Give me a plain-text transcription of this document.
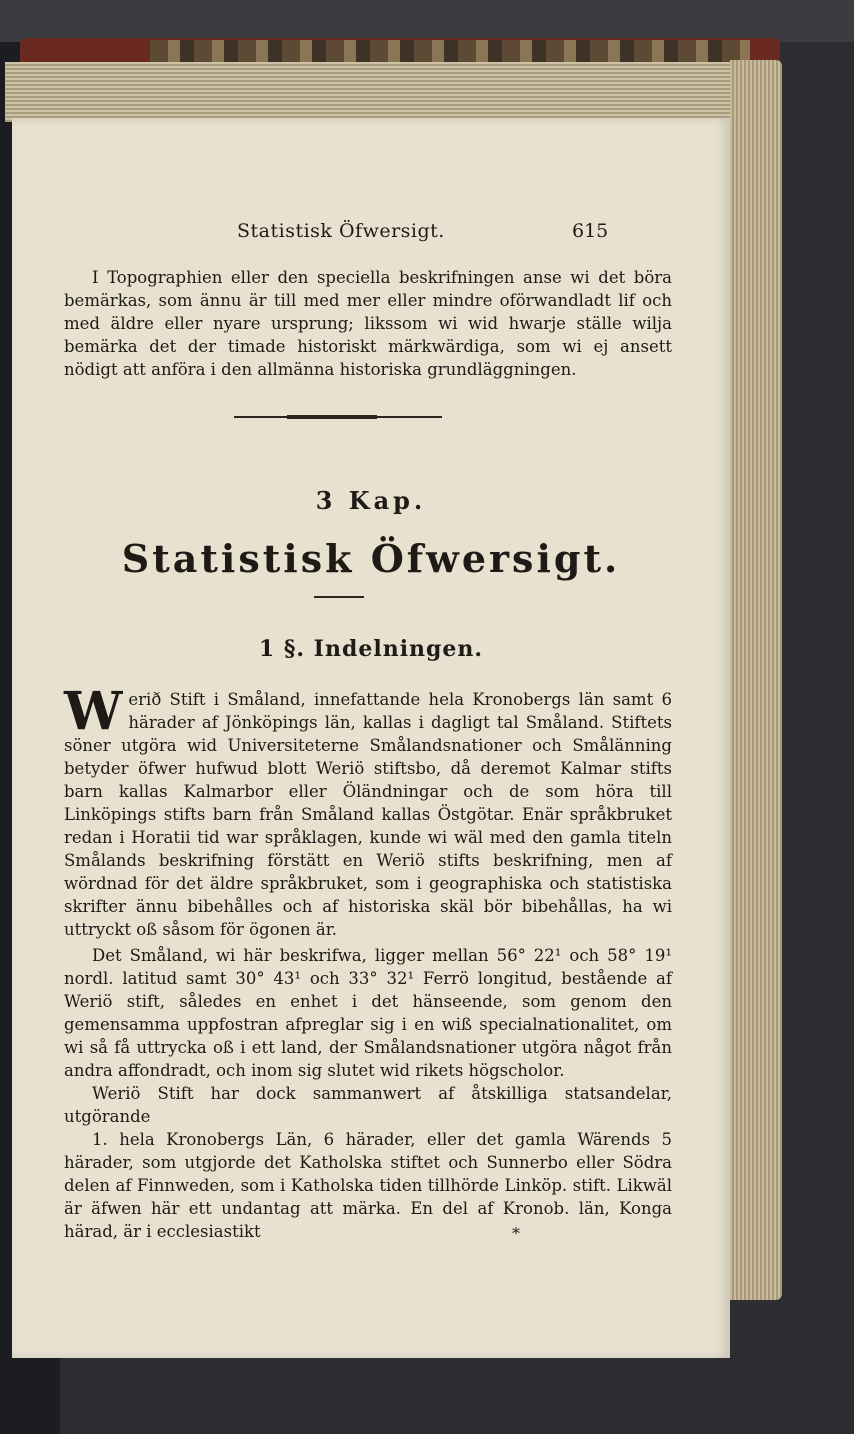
Statistisk Öfwersigt.	615
I Topographien eller den speciella beskrifningen anse wi det böra bemärkas, som ännu är till med mer eller mindre oförwandladt lif och med äldre eller nyare ursprung; likssom wi wid hwarje ställe wilja bemärka det der timade historiskt märkwärdiga, som wi ej ansett nödigt att anföra i den allmänna historiska grundläggningen.
3 Kap.
Statistisk Öfwersigt.
1 §. Indelningen.
Werið Stift i Småland, innefattande hela Kronobergs län samt 6 härader af Jönköpings län, kallas i dagligt tal Småland. Stiftets söner utgöra wid Universiteterne Smålandsnationer och Smålänning betyder öfwer hufwud blott Weriö stiftsbo, då deremot Kalmar stifts barn kallas Kalmarbor eller Öländningar och de som höra till Linköpings stifts barn från Småland kallas Östgötar. Enär språkbruket redan i Horatii tid war språklagen, kunde wi wäl med den gamla titeln Smålands beskrifning förstätt en Weriö stifts beskrifning, men af wördnad för det äldre språkbruket, som i geographiska och statistiska skrifter ännu bibehålles och af historiska skäl bör bibehållas, ha wi uttryckt oß såsom för ögonen är.
Det Småland, wi här beskrifwa, ligger mellan 56° 22¹ och 58° 19¹ nordl. latitud samt 30° 43¹ och 33° 32¹ Ferrö longitud, bestående af Weriö stift, således en enhet i det hänseende, som genom den gemensamma uppfostran afpreglar sig i en wiß specialnationalitet, om wi så få uttrycka oß i ett land, der Smålandsnationer utgöra något från andra affondradt, och inom sig slutet wid rikets högscholor.
Weriö Stift har dock sammanwert af åtskilliga statsandelar, utgörande
1. hela Kronobergs Län, 6 härader, eller det gamla Wärends 5 härader, som utgjorde det Katholska stiftet och Sunnerbo eller Södra delen af Finnweden, som i Katholska tiden tillhörde Linköp. stift. Likwäl är äfwen här ett undantag att märka. En del af Kronob. län, Konga härad, är i ecclesiastikt	*
